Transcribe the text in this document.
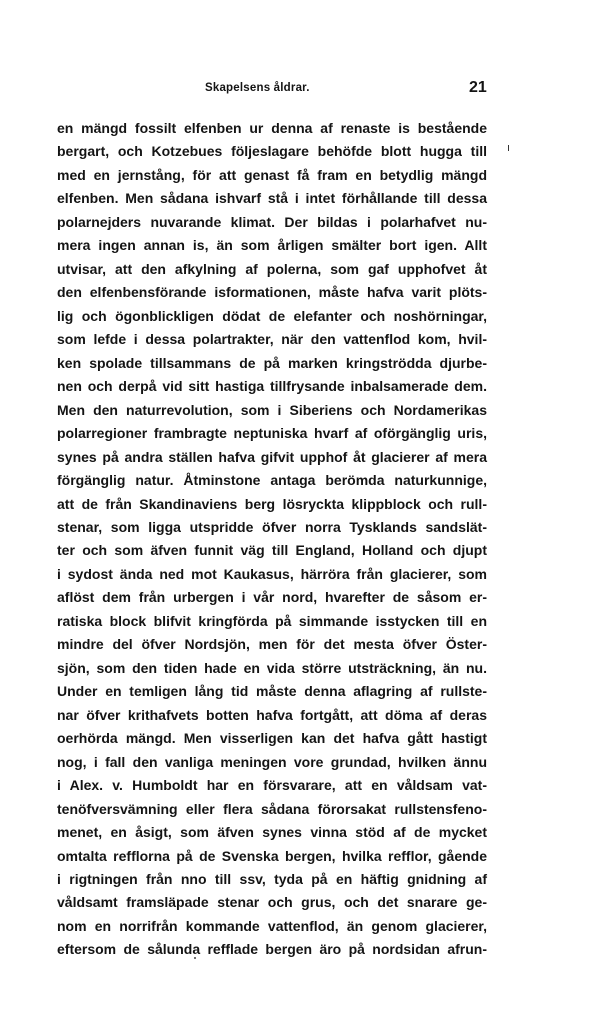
Skapelsens åldrar.	21
en mängd fossilt elfenben ur denna af renaste is bestående
bergart, och Kotzebues följeslagare behöfde blott hugga till
med en jernstång, för att genast få fram en betydlig mängd
elfenben. Men sådana ishvarf stå i intet förhållande till dessa
polarnejders nuvarande klimat. Der bildas i polarhafvet nu-
mera ingen annan is, än som årligen smälter bort igen. Allt
utvisar, att den afkylning af polerna, som gaf upphofvet åt
den elfenbensförande isformationen, måste hafva varit plöts-
lig och ögonblickligen dödat de elefanter och noshörningar,
som lefde i dessa polartrakter, när den vattenflod kom, hvil-
ken spolade tillsammans de på marken kringströdda djurbe-
nen och derpå vid sitt hastiga tillfrysande inbalsamerade dem.
Men den naturrevolution, som i Siberiens och Nordamerikas
polarregioner frambragte neptuniska hvarf af oförgänglig uris,
synes på andra ställen hafva gifvit upphof åt glacierer af mera
förgänglig natur. Åtminstone antaga berömda naturkunnige,
att de från Skandinaviens berg lösryckta klippblock och rull-
stenar, som ligga utspridde öfver norra Tysklands sandslät-
ter och som äfven funnit väg till England, Holland och djupt
i sydost ända ned mot Kaukasus, härröra från glacierer, som
aflöst dem från urbergen i vår nord, hvarefter de såsom er-
ratiska block blifvit kringförda på simmande isstycken till en
mindre del öfver Nordsjön, men för det mesta öfver Öster-
sjön, som den tiden hade en vida större utsträckning, än nu.
Under en temligen lång tid måste denna aflagring af rullste-
nar öfver krithafvets botten hafva fortgått, att döma af deras
oerhörda mängd. Men visserligen kan det hafva gått hastigt
nog, i fall den vanliga meningen vore grundad, hvilken ännu
i Alex. v. Humboldt har en försvarare, att en våldsam vat-
tenöfversvämning eller flera sådana förorsakat rullstensfeno-
menet, en åsigt, som äfven synes vinna stöd af de mycket
omtalta refflorna på de Svenska bergen, hvilka refflor, gående
i rigtningen från nno till ssv, tyda på en häftig gnidning af
våldsamt framsläpade stenar och grus, och det snarare ge-
nom en norrifrån kommande vattenflod, än genom glacierer,
eftersom de sålunda refflade bergen äro på nordsidan afrun-
